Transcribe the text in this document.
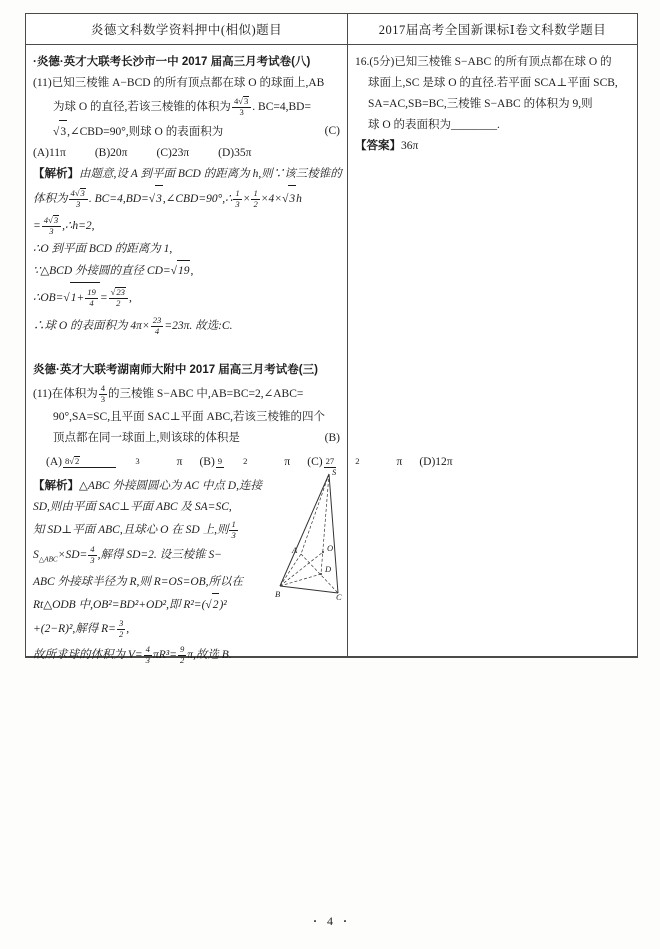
炎德文科数学资料押中(相似)题目	2017届高考全国新课标Ⅰ卷文科数学题目
·炎德·英才大联考长沙市一中 2017 届高三月考试卷(八)
(11)已知三棱锥 A−BCD 的所有顶点都在球 O 的球面上,AB
为球 O 的直径,若该三棱锥的体积为 $\frac{4√3}{3}$ . BC=4,BD=
√3,∠CBD=90°,则球 O 的表面积为	(C)
(A)11π	(B)20π	(C)23π	(D)35π
【解析】由题意,设 A 到平面 BCD 的距离为 h,则∵该三棱锥的
体积为 $\frac{4√3}{3}$ . BC=4,BD=√3,∠CBD=90°,∴ $\frac{1}{3} \times \frac{1}{2} \times 4\times√3h$
= $\frac{4√3}{3}$ ,∴h=2,
∴O 到平面 BCD 的距离为 1,
∵△BCD 外接圆的直径 CD=√19,
∴OB=√1+ $\frac{19}{4} = \frac{√23}{2}$ ,
∴球 O 的表面积为 $4\pi\times \frac{23}{4} =23\pi$. 故选:C.
炎德·英才大联考湖南师大附中 2017 届高三月考试卷(三)
(11)在体积为 $\frac{4}{3}$ 的三棱锥 S−ABC 中,AB=BC=2,∠ABC=
90°,SA=SC,且平面 SAC⊥平面 ABC,若该三棱锥的四个
顶点都在同一球面上,则该球的体积是	(B)
(A) 8√2	3	π (B) 9 2	π (C) 27 2	π (D)12π
S
A	O
D
B	C
【解析】△ABC 外接圆圆心为 AC 中点 D,连接
SD,则由平面 SAC⊥平面 ABC 及 SA=SC,
知 SD⊥平面 ABC,且球心 O 在 SD 上,则 $\frac{1}{3}$
$S_{\triangle ABC}\times SD= \frac{4}{3}$ ,解得 SD=2. 设三棱锥 S−
ABC 外接球半径为 R,则 R=OS=OB,所以在
Rt△ODB 中,OB²=BD²+OD²,即 R²=(√2)²
+(2−R)²,解得 $R= \frac{3}{2}$ ,
故所求球的体积为 $V= \frac{4}{3} \pi R^3= \frac{9}{2} \pi$,故选 B.
16.(5分)已知三棱锥 S−ABC 的所有顶点都在球 O 的
球面上,SC 是球 O 的直径.若平面 SCA⊥平面 SCB,
SA=AC,SB=BC,三棱锥 S−ABC 的体积为 9,则
球 O 的表面积为________.
【答案】36π
· 4 ·
